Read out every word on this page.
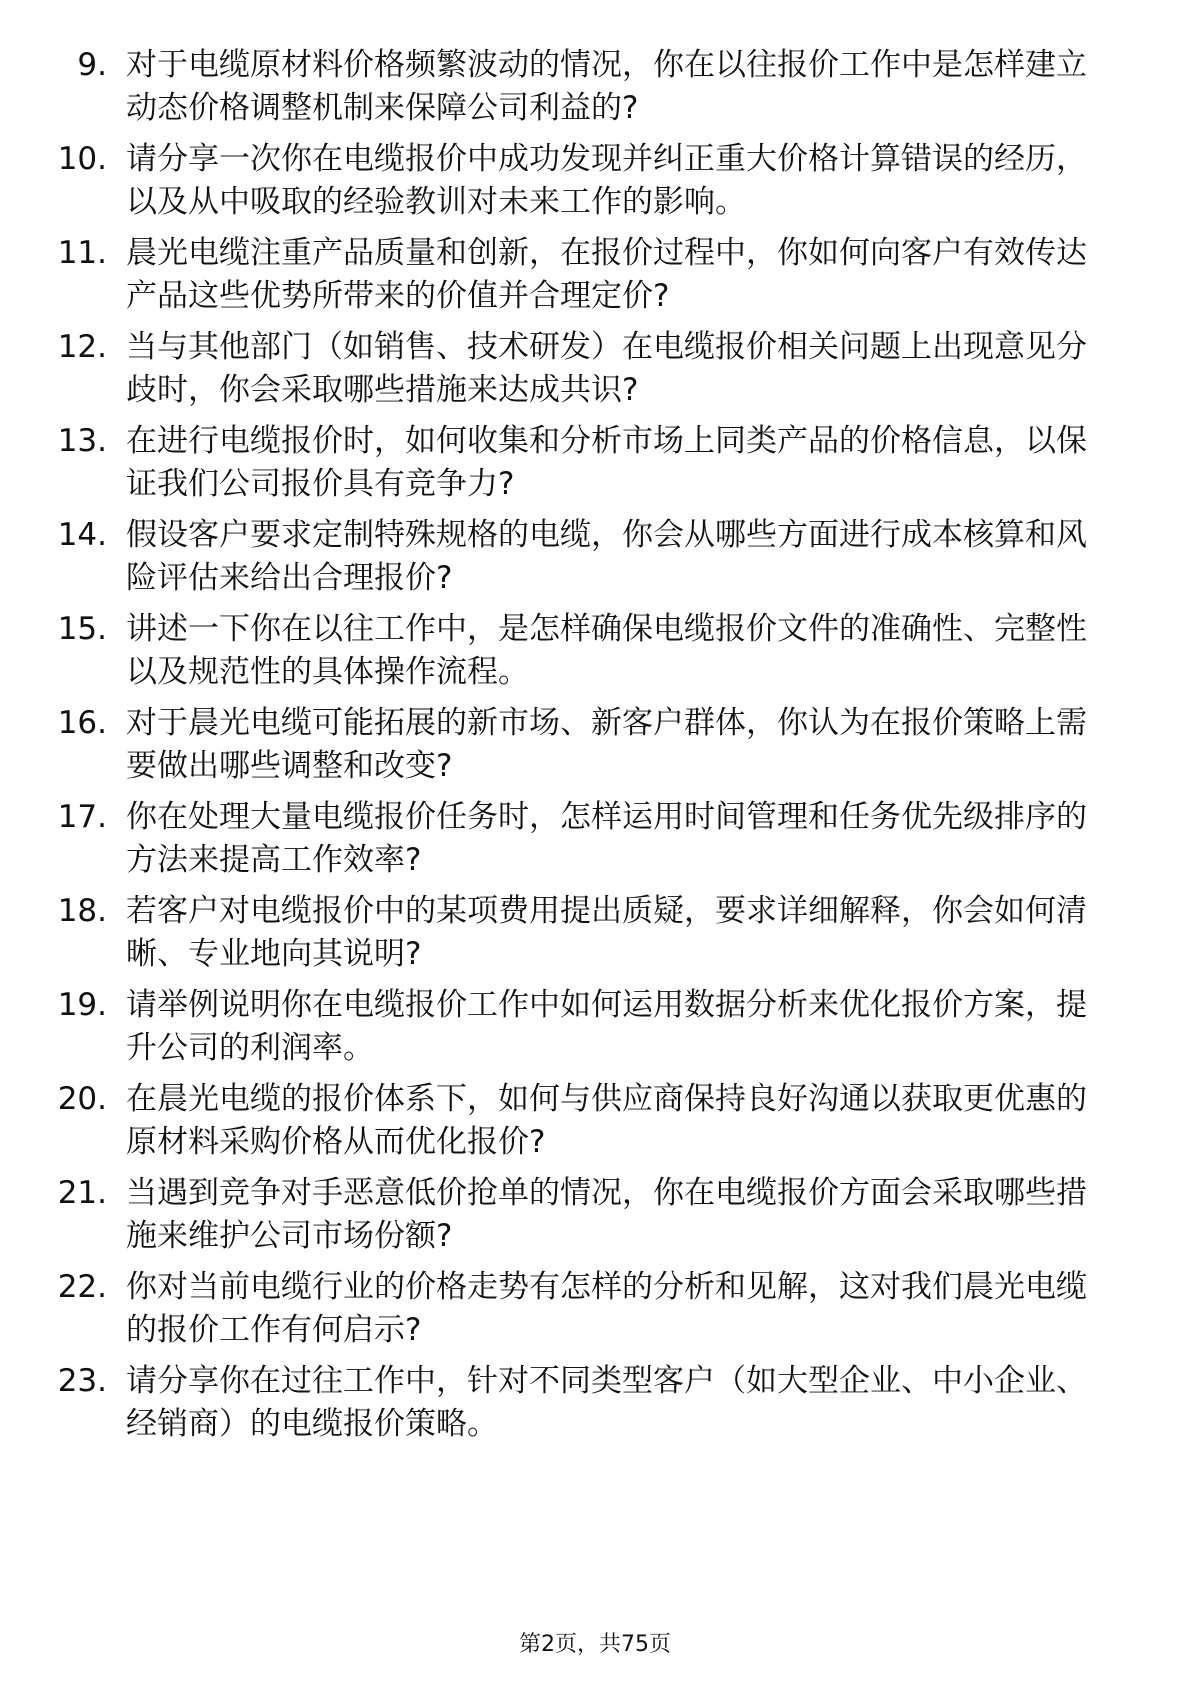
9. 对于电缆原材料价格频繁波动的情况，你在以往报价工作中是怎样建立动态价格调整机制来保障公司利益的?
10. 请分享一次你在电缆报价中成功发现并纠正重大价格计算错误的经历，以及从中吸取的经验教训对未来工作的影响。
11. 晨光电缆注重产品质量和创新，在报价过程中，你如何向客户有效传达产品这些优势所带来的价值并合理定价?
12. 当与其他部门（如销售、技术研发）在电缆报价相关问题上出现意见分歧时，你会采取哪些措施来达成共识?
13. 在进行电缆报价时，如何收集和分析市场上同类产品的价格信息，以保证我们公司报价具有竞争力?
14. 假设客户要求定制特殊规格的电缆，你会从哪些方面进行成本核算和风险评估来给出合理报价?
15. 讲述一下你在以往工作中，是怎样确保电缆报价文件的准确性、完整性以及规范性的具体操作流程。
16. 对于晨光电缆可能拓展的新市场、新客户群体，你认为在报价策略上需要做出哪些调整和改变?
17. 你在处理大量电缆报价任务时，怎样运用时间管理和任务优先级排序的方法来提高工作效率?
18. 若客户对电缆报价中的某项费用提出质疑，要求详细解释，你会如何清晰、专业地向其说明?
19. 请举例说明你在电缆报价工作中如何运用数据分析来优化报价方案，提升公司的利润率。
20. 在晨光电缆的报价体系下，如何与供应商保持良好沟通以获取更优惠的原材料采购价格从而优化报价?
21. 当遇到竞争对手恶意低价抢单的情况，你在电缆报价方面会采取哪些措施来维护公司市场份额?
22. 你对当前电缆行业的价格走势有怎样的分析和见解，这对我们晨光电缆的报价工作有何启示?
23. 请分享你在过往工作中，针对不同类型客户（如大型企业、中小企业、经销商）的电缆报价策略。
第2页，共75页
